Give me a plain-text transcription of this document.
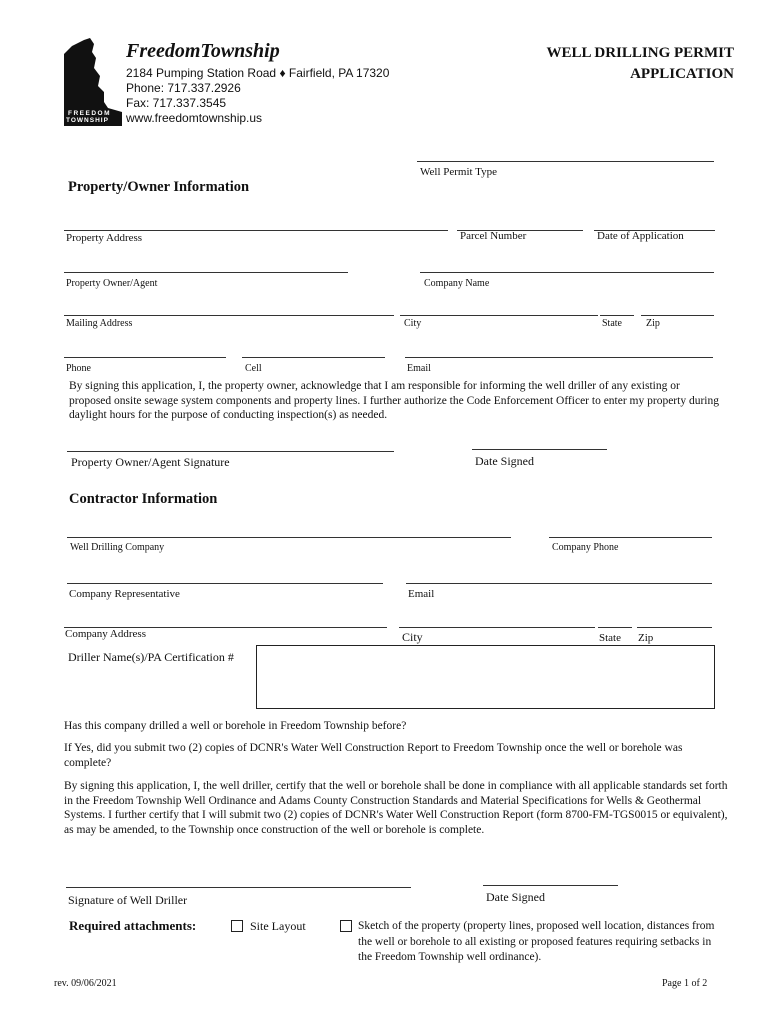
FREEDOM
TOWNSHIP
FreedomTownship
2184 Pumping Station Road ♦ Fairfield, PA 17320
Phone: 717.337.2926
Fax: 717.337.3545
www.freedomtownship.us
WELL DRILLING PERMIT
APPLICATION
Well Permit Type
Property/Owner Information
Property Address	Parcel Number	Date of Application
Property Owner/Agent	Company Name
Mailing Address	City	State Zip
Phone	Cell	Email
By signing this application, I, the property owner, acknowledge that I am responsible for informing the well driller of any existing or proposed onsite sewage system components and property lines. I further authorize the Code Enforcement Officer to enter my property during daylight hours for the purpose of conducting inspection(s) as needed.
Property Owner/Agent Signature	Date Signed
Contractor Information
Well Drilling Company	Company Phone
Company Representative	Email
Company Address	City	State Zip
Driller Name(s)/PA Certification #
Has this company drilled a well or borehole in Freedom Township before?
If Yes, did you submit two (2) copies of DCNR's Water Well Construction Report to Freedom Township once the well or borehole was complete?
By signing this application, I, the well driller, certify that the well or borehole shall be done in compliance with all applicable standards set forth in the Freedom Township Well Ordinance and Adams County Construction Standards and Material Specifications for Wells & Geothermal Systems. I further certify that I will submit two (2) copies of DCNR's Water Well Construction Report (form 8700-FM-TGS0015 or equivalent), as may be amended, to the Township once construction of the well or borehole is complete.
Signature of Well Driller	Date Signed
Required attachments:	Site Layout	Sketch of the property (property lines, proposed well location, distances from the well or borehole to all existing or proposed features requiring setbacks in the Freedom Township well ordinance).
rev. 09/06/2021	Page 1 of 2
